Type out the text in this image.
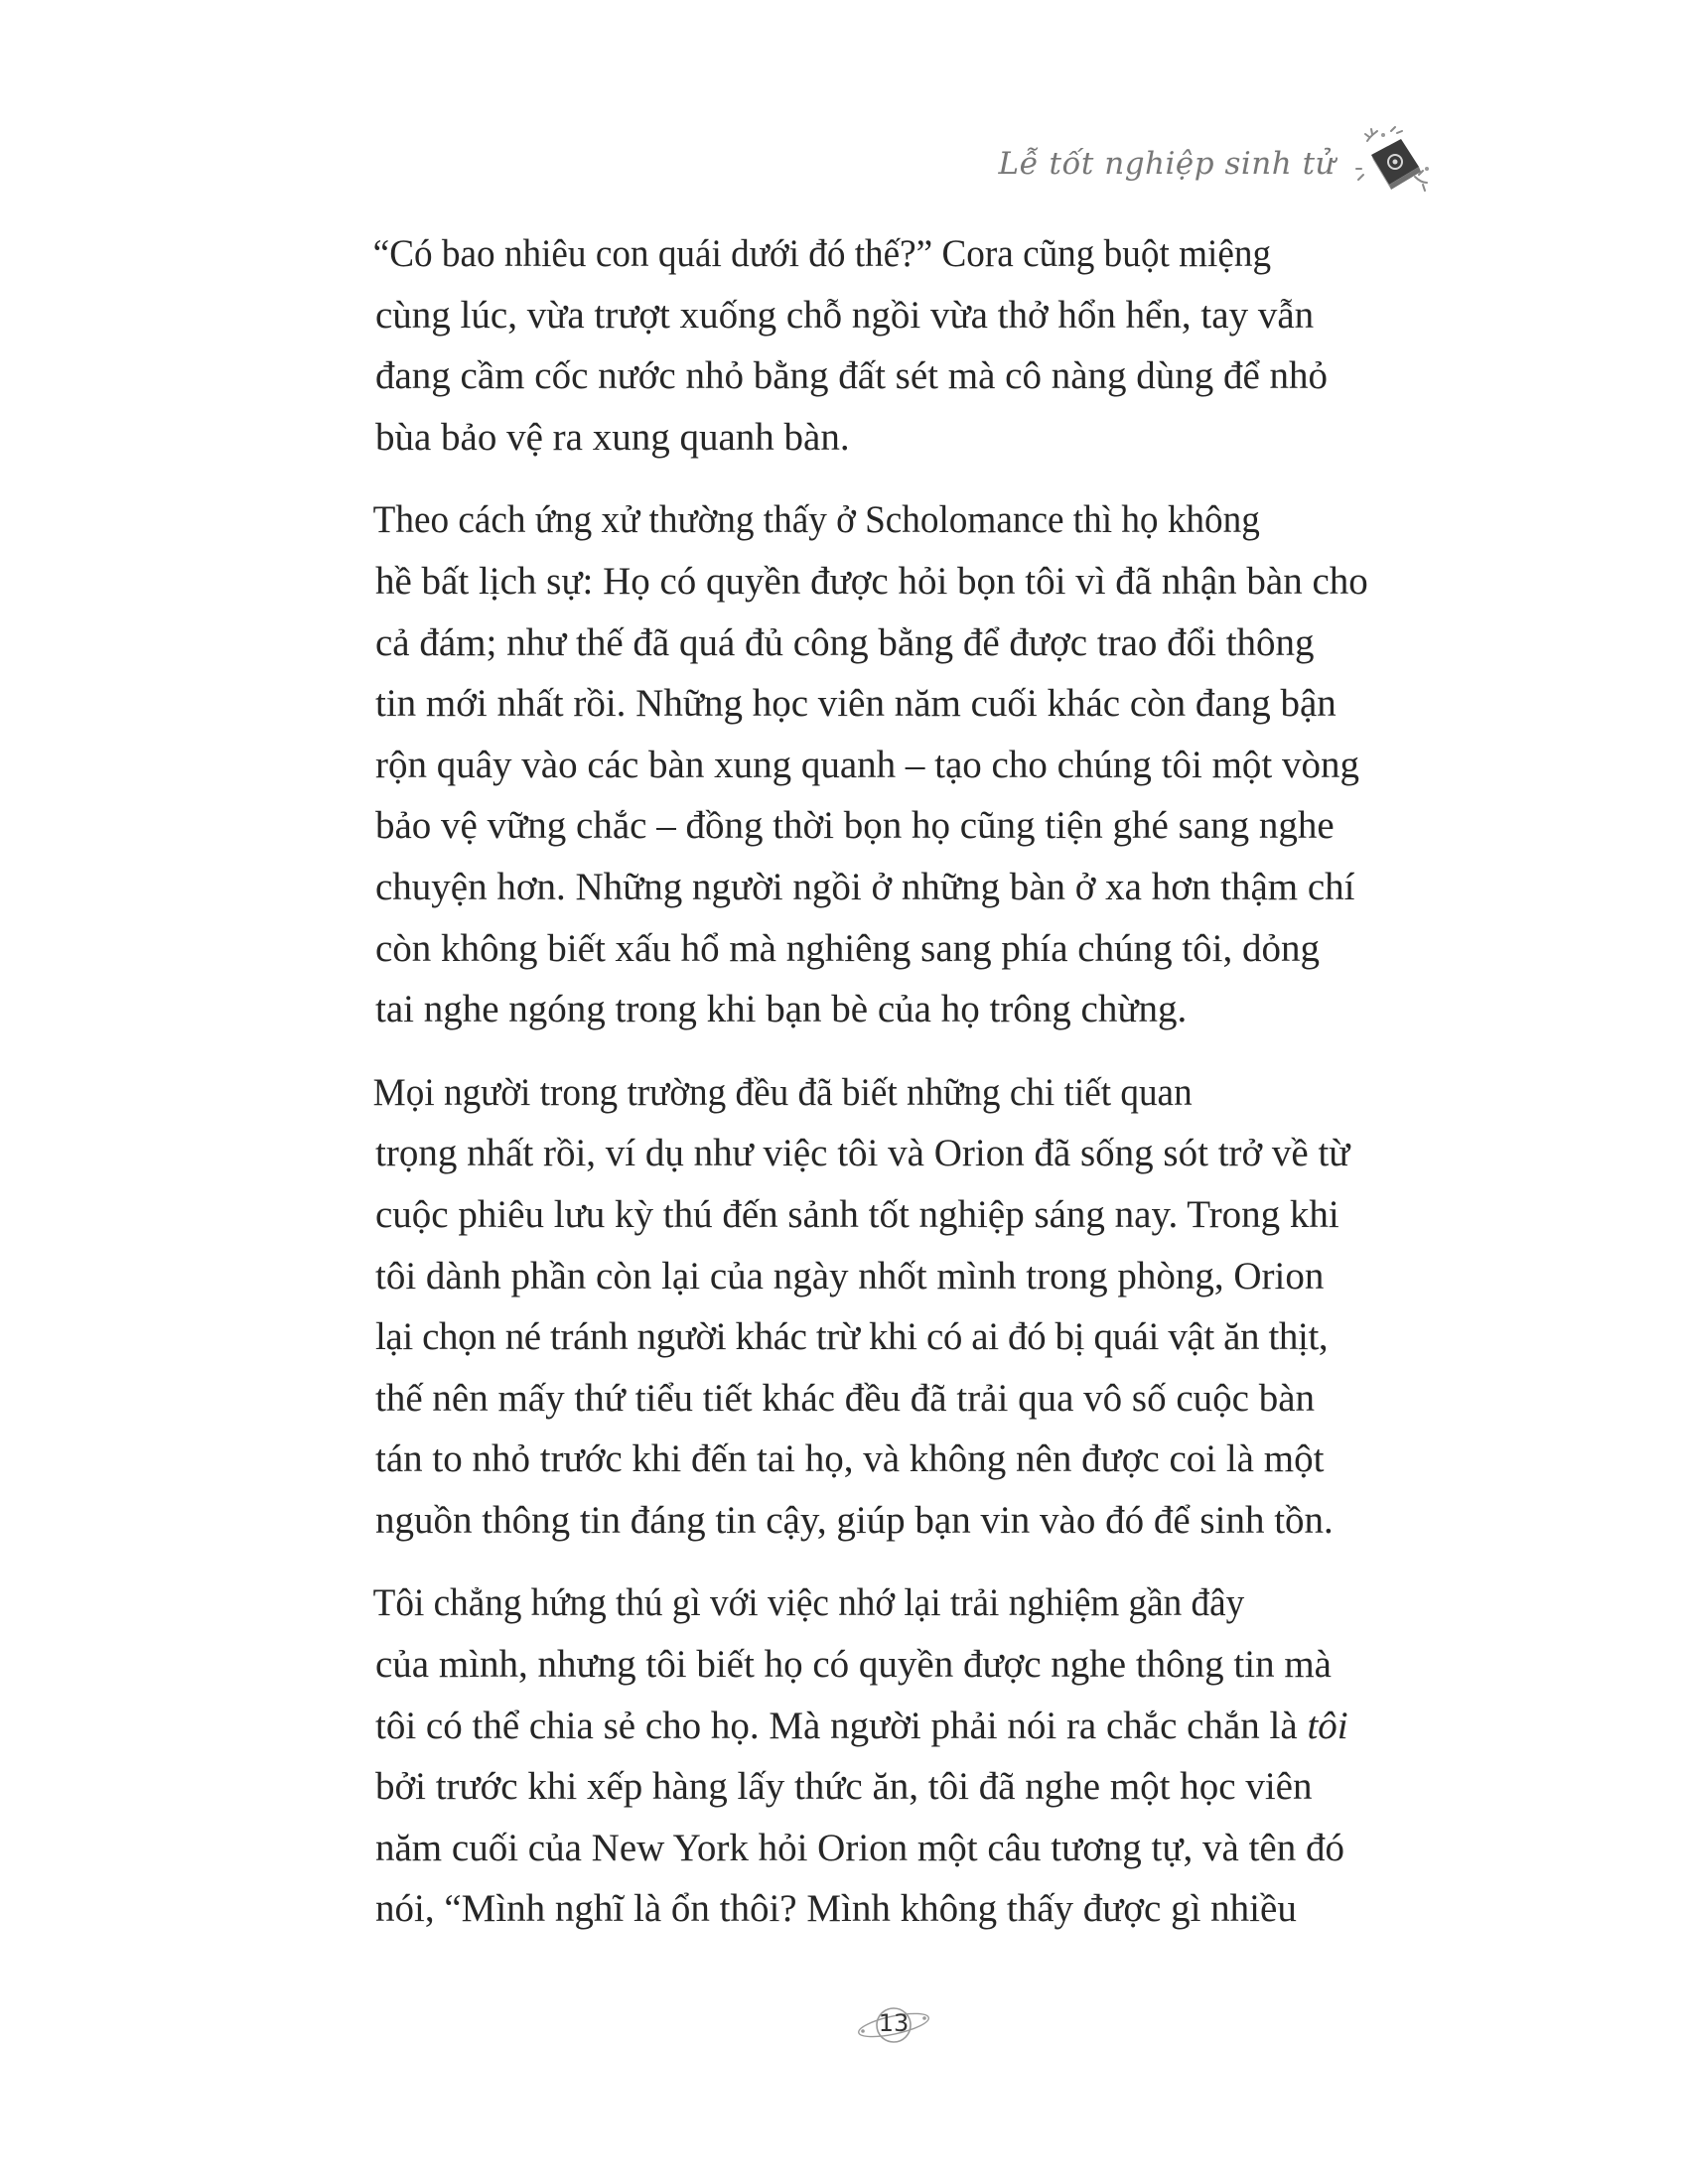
Lễ tốt nghiệp sinh tử

“Có bao nhiêu con quái dưới đó thế?” Cora cũng buột miệng
cùng lúc, vừa trượt xuống chỗ ngồi vừa thở hổn hển, tay vẫn
đang cầm cốc nước nhỏ bằng đất sét mà cô nàng dùng để nhỏ
bùa bảo vệ ra xung quanh bàn.

Theo cách ứng xử thường thấy ở Scholomance thì họ không
hề bất lịch sự: Họ có quyền được hỏi bọn tôi vì đã nhận bàn cho
cả đám; như thế đã quá đủ công bằng để được trao đổi thông
tin mới nhất rồi. Những học viên năm cuối khác còn đang bận
rộn quây vào các bàn xung quanh – tạo cho chúng tôi một vòng
bảo vệ vững chắc – đồng thời bọn họ cũng tiện ghé sang nghe
chuyện hơn. Những người ngồi ở những bàn ở xa hơn thậm chí
còn không biết xấu hổ mà nghiêng sang phía chúng tôi, dỏng
tai nghe ngóng trong khi bạn bè của họ trông chừng.

Mọi người trong trường đều đã biết những chi tiết quan
trọng nhất rồi, ví dụ như việc tôi và Orion đã sống sót trở về từ
cuộc phiêu lưu kỳ thú đến sảnh tốt nghiệp sáng nay. Trong khi
tôi dành phần còn lại của ngày nhốt mình trong phòng, Orion
lại chọn né tránh người khác trừ khi có ai đó bị quái vật ăn thịt,
thế nên mấy thứ tiểu tiết khác đều đã trải qua vô số cuộc bàn
tán to nhỏ trước khi đến tai họ, và không nên được coi là một
nguồn thông tin đáng tin cậy, giúp bạn vin vào đó để sinh tồn.

Tôi chẳng hứng thú gì với việc nhớ lại trải nghiệm gần đây
của mình, nhưng tôi biết họ có quyền được nghe thông tin mà
tôi có thể chia sẻ cho họ. Mà người phải nói ra chắc chắn là tôi
bởi trước khi xếp hàng lấy thức ăn, tôi đã nghe một học viên
năm cuối của New York hỏi Orion một câu tương tự, và tên đó
nói, “Mình nghĩ là ổn thôi? Mình không thấy được gì nhiều

13
